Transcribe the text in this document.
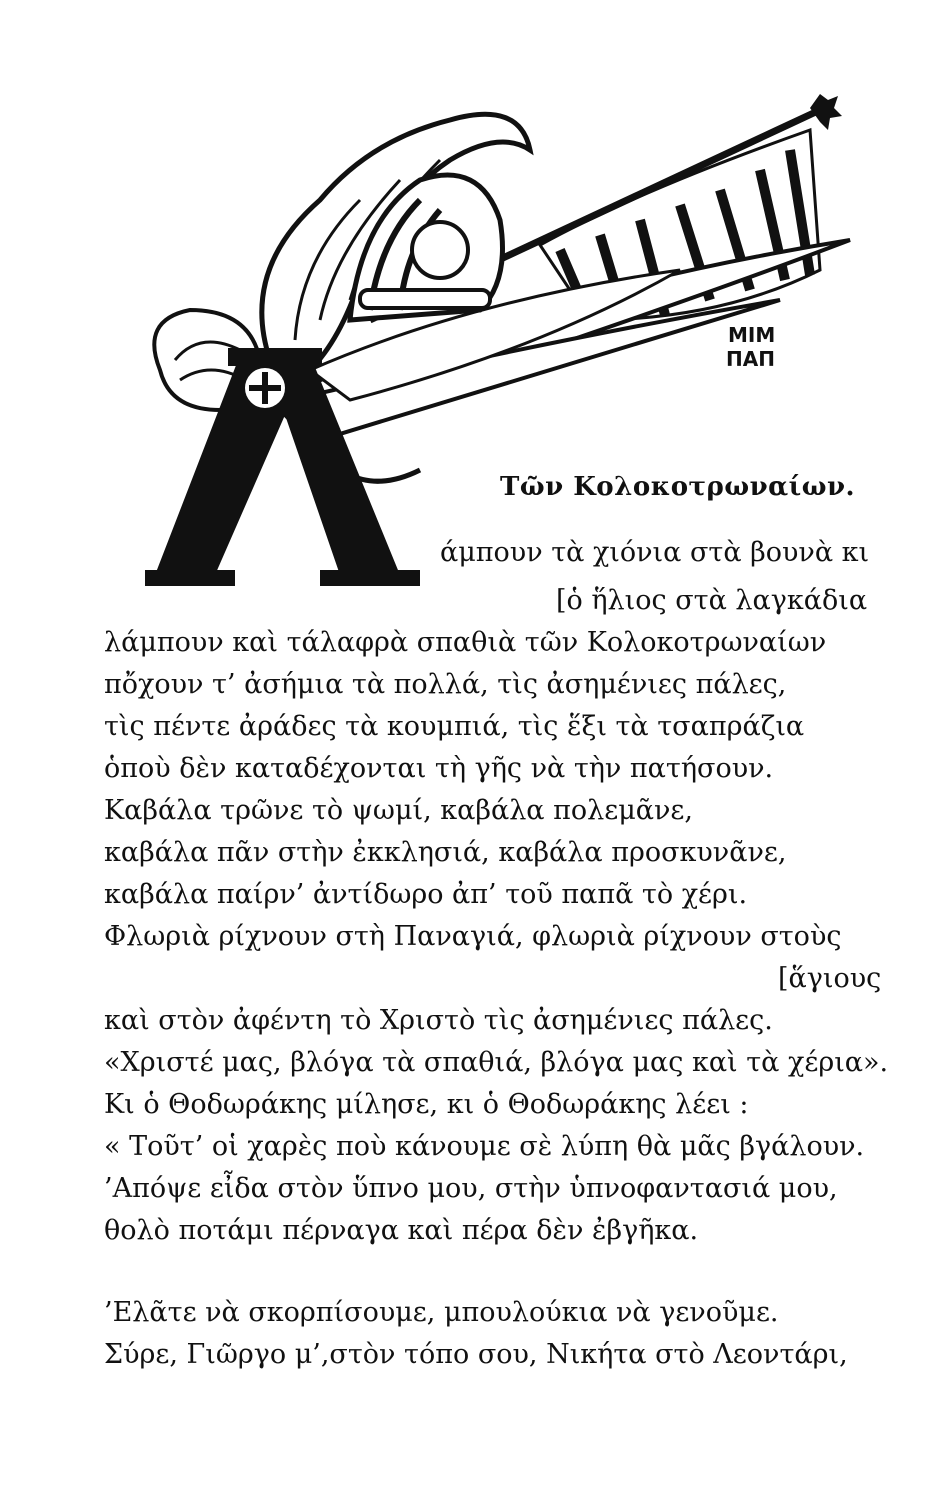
ΜΙΜ
ΠΑΠ
Τῶν Κολοκοτρωναίων.
άμπουν τὰ χιόνια στὰ βουνὰ κι
[ὁ ἥλιος στὰ λαγκάδια
λάμπουν καὶ τάλαφρὰ σπαθιὰ τῶν Κολοκοτρωναίων
πὄχουν τ’ ἀσήμια τὰ πολλά, τὶς ἀσημένιες πάλες,
τὶς πέντε ἀράδες τὰ κουμπιά, τὶς ἕξι τὰ τσαπράζια
ὁποὺ δὲν καταδέχονται τὴ γῆς νὰ τὴν πατήσουν.
Καβάλα τρῶνε τὸ ψωμί, καβάλα πολεμᾶνε,
καβάλα πᾶν στὴν ἐκκλησιά, καβάλα προσκυνᾶνε,
καβάλα παίρν’ ἀντίδωρο ἀπ’ τοῦ παπᾶ τὸ χέρι.
Φλωριὰ ρίχνουν στὴ Παναγιά, φλωριὰ ρίχνουν στοὺς
[ἅγιους
καὶ στὸν ἀφέντη τὸ Χριστὸ τὶς ἀσημένιες πάλες.
«Χριστέ μας, βλόγα τὰ σπαθιά, βλόγα μας καὶ τὰ χέρια».
Κι ὁ Θοδωράκης μίλησε, κι ὁ Θοδωράκης λέει :
« Τοῦτ’ οἱ χαρὲς ποὺ κάνουμε σὲ λύπη θὰ μᾶς βγάλουν.
’Απόψε εἶδα στὸν ὕπνο μου, στὴν ὑπνοφαντασιά μου,
θολὸ ποτάμι πέρναγα καὶ πέρα δὲν ἐβγῆκα.
’Ελᾶτε νὰ σκορπίσουμε, μπουλούκια νὰ γενοῦμε.
Σύρε, Γιῶργο μ’,στὸν τόπο σου, Νικήτα στὸ Λεοντάρι,
